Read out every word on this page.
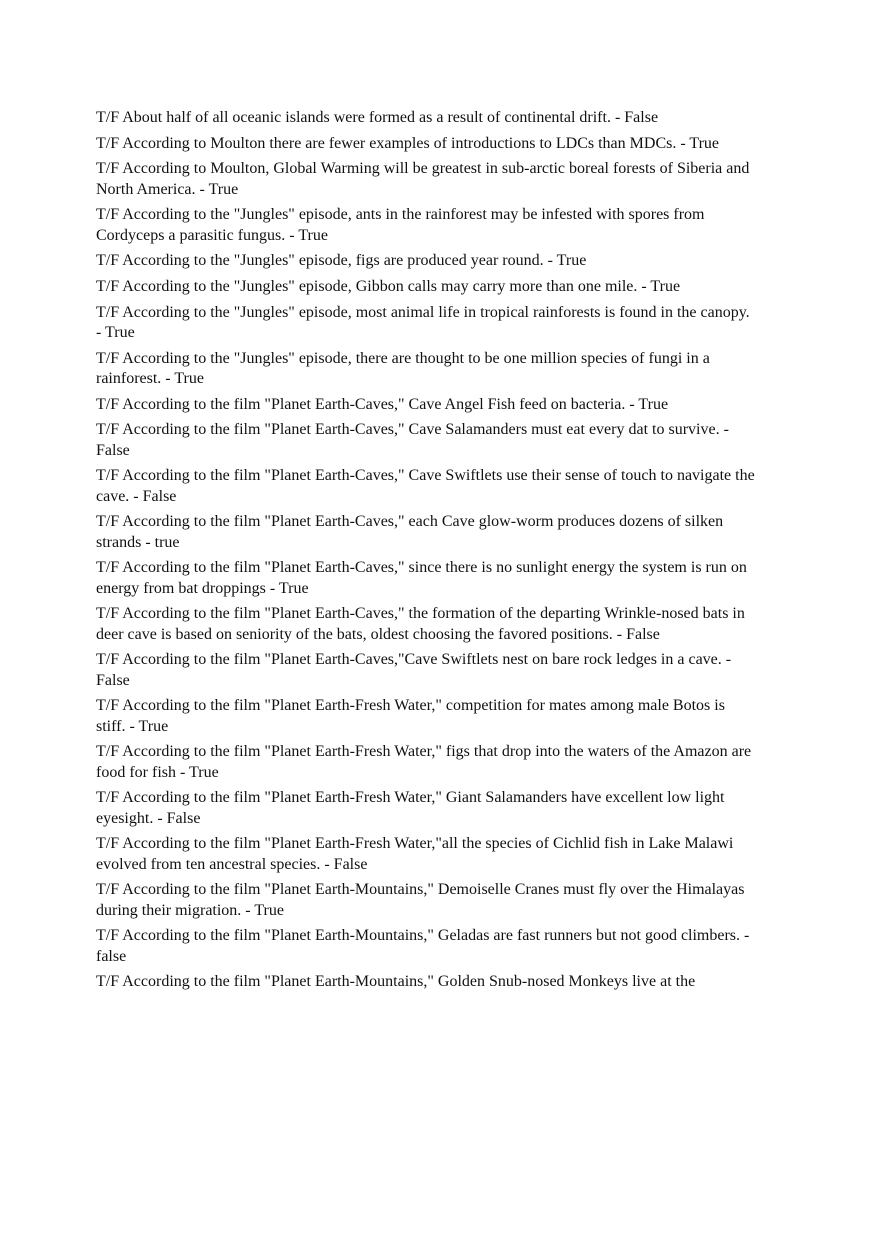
T/F About half of all oceanic islands were formed as a result of continental drift. - False
T/F According to Moulton there are fewer examples of introductions to LDCs than MDCs. - True
T/F According to Moulton, Global Warming will be greatest in sub-arctic boreal forests of Siberia and North America. - True
T/F According to the "Jungles" episode, ants in the rainforest may be infested with spores from Cordyceps a parasitic fungus. - True
T/F According to the "Jungles" episode, figs are produced year round. - True
T/F According to the "Jungles" episode, Gibbon calls may carry more than one mile. - True
T/F According to the "Jungles" episode, most animal life in tropical rainforests is found in the canopy. - True
T/F According to the "Jungles" episode, there are thought to be one million species of fungi in a rainforest. - True
T/F According to the film "Planet Earth-Caves," Cave Angel Fish feed on bacteria. - True
T/F According to the film "Planet Earth-Caves," Cave Salamanders must eat every dat to survive. - False
T/F According to the film "Planet Earth-Caves," Cave Swiftlets use their sense of touch to navigate the cave. - False
T/F According to the film "Planet Earth-Caves," each Cave glow-worm produces dozens of silken strands - true
T/F According to the film "Planet Earth-Caves," since there is no sunlight energy the system is run on energy from bat droppings - True
T/F According to the film "Planet Earth-Caves," the formation of the departing Wrinkle-nosed bats in deer cave is based on seniority of the bats, oldest choosing the favored positions. - False
T/F According to the film "Planet Earth-Caves,"Cave Swiftlets nest on bare rock ledges in a cave. - False
T/F According to the film "Planet Earth-Fresh Water," competition for mates among male Botos is stiff. - True
T/F According to the film "Planet Earth-Fresh Water," figs that drop into the waters of the Amazon are food for fish - True
T/F According to the film "Planet Earth-Fresh Water," Giant Salamanders have excellent low light eyesight. - False
T/F According to the film "Planet Earth-Fresh Water,"all the species of Cichlid fish in Lake Malawi evolved from ten ancestral species. - False
T/F According to the film "Planet Earth-Mountains," Demoiselle Cranes must fly over the Himalayas during their migration. - True
T/F According to the film "Planet Earth-Mountains," Geladas are fast runners but not good climbers. - false
T/F According to the film "Planet Earth-Mountains," Golden Snub-nosed Monkeys live at the
